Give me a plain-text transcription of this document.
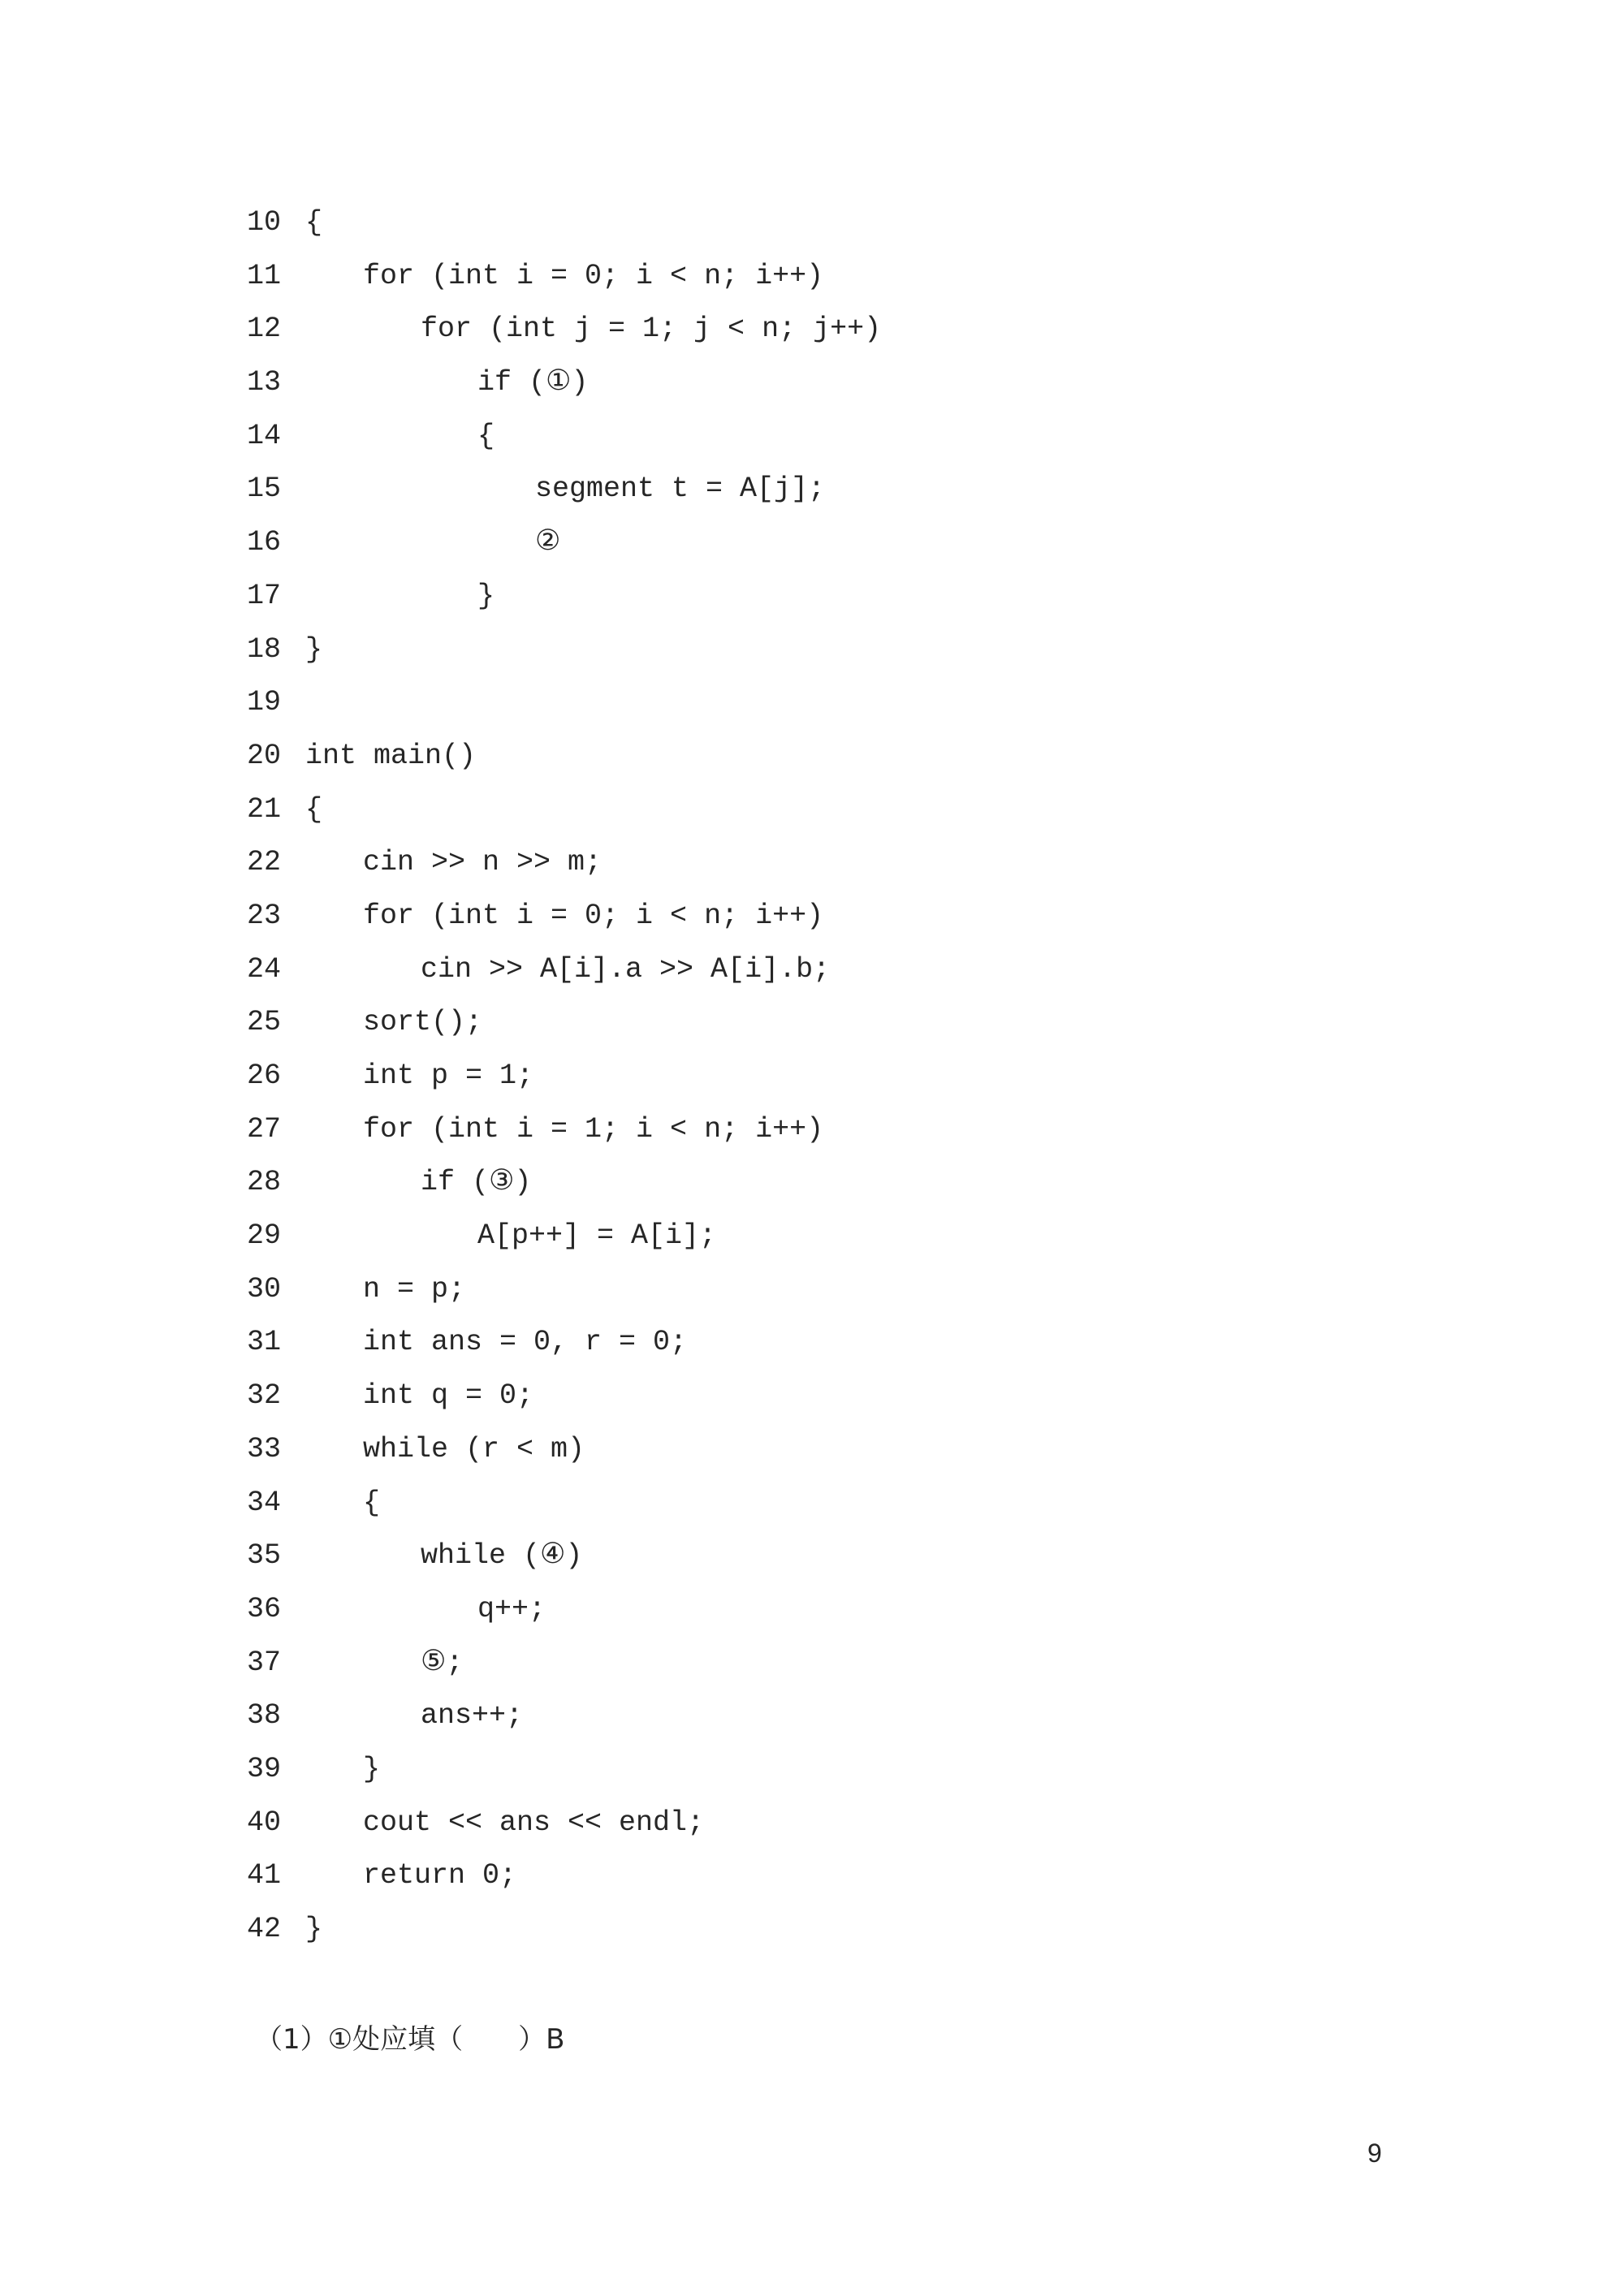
10 {
11	for (int i = 0; i < n; i++)
12	for (int j = 1; j < n; j++)
13	if (①)
14	{
15	segment t = A[j];
16	②
17	}
18 }
19
20 int main()
21 {
22	cin >> n >> m;
23	for (int i = 0; i < n; i++)
24	cin >> A[i].a >> A[i].b;
25	sort();
26	int p = 1;
27	for (int i = 1; i < n; i++)
28	if (③)
29	A[p++] = A[i];
30	n = p;
31	int ans = 0, r = 0;
32	int q = 0;
33	while (r < m)
34	{
35	while (④)
36	q++;
37	⑤;
38	ans++;
39	}
40	cout << ans << endl;
41	return 0;
42 }
（1）①处应填（　　）B
9
